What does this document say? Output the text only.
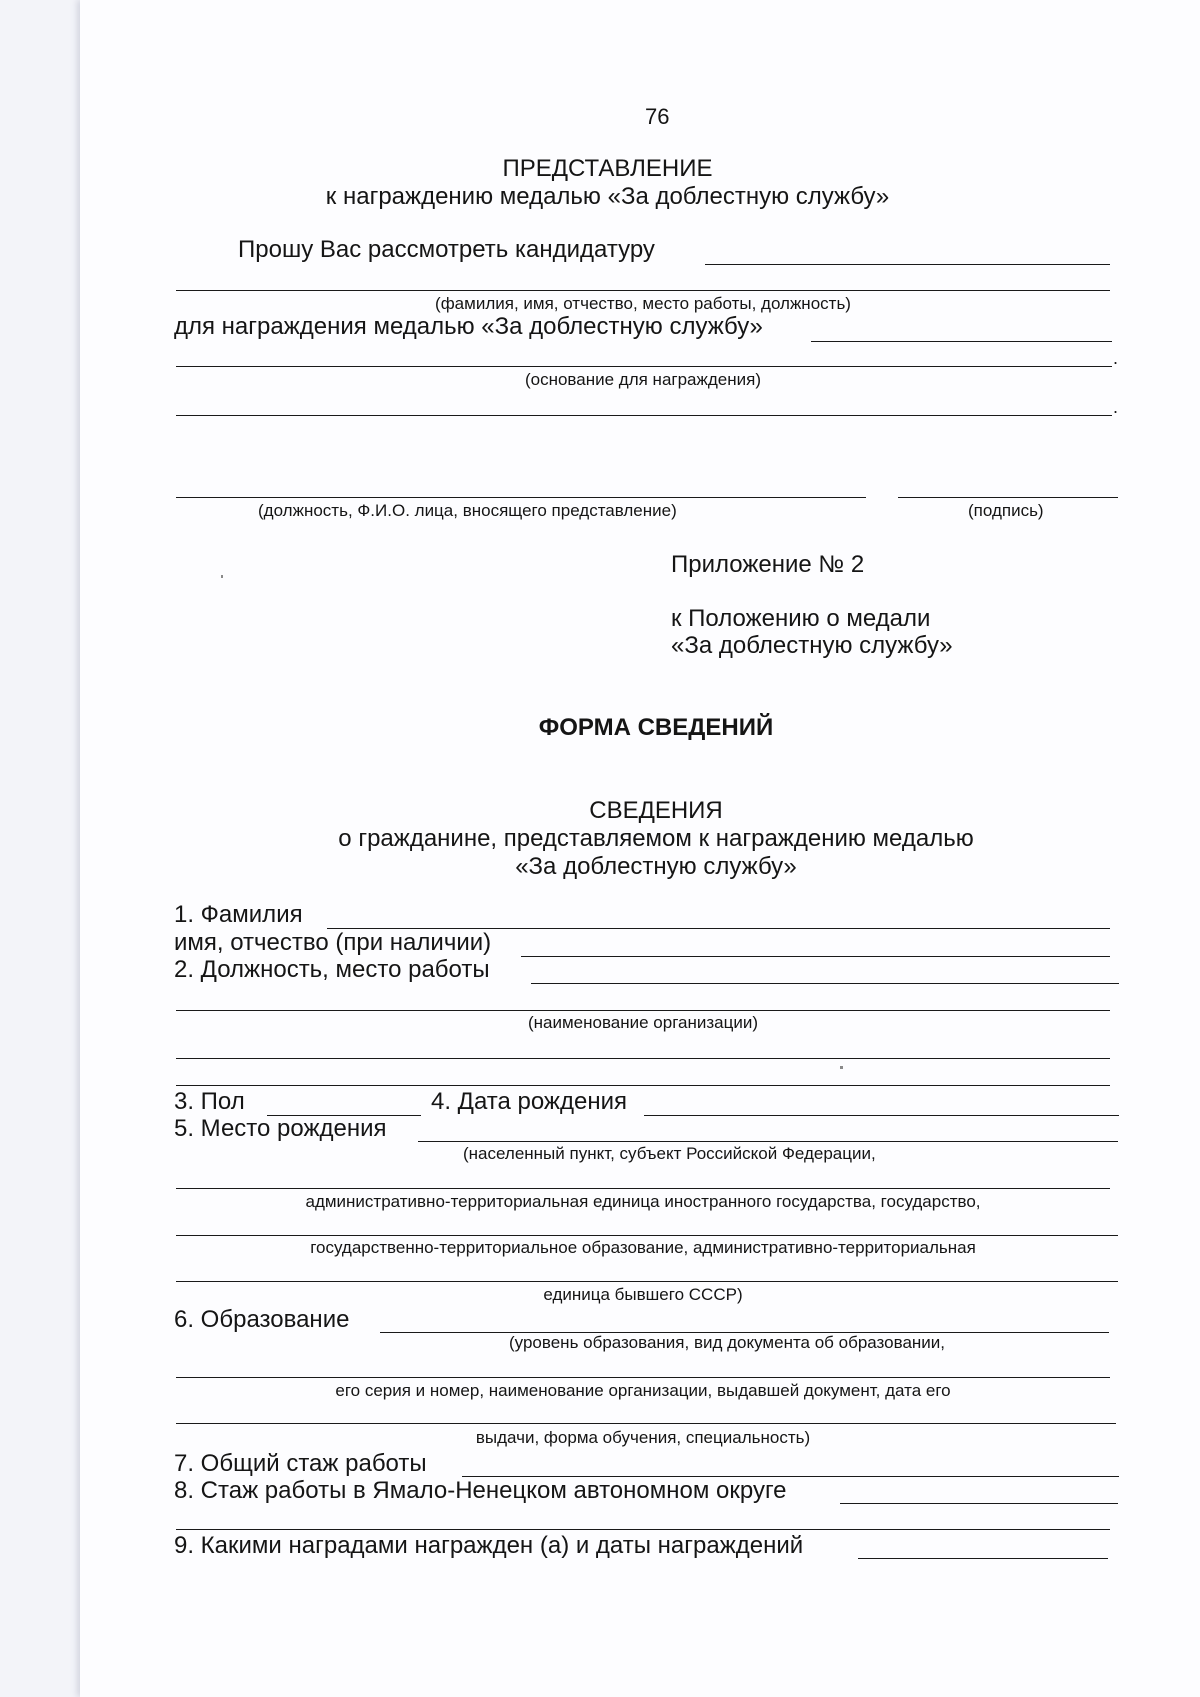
76
ПРЕДСТАВЛЕНИЕ
к награждению медалью «За доблестную службу»
Прошу Вас рассмотреть кандидатуру
(фамилия, имя, отчество, место работы, должность)
для награждения медалью «За доблестную службу»
.
(основание для награждения)
.
(должность, Ф.И.О. лица, вносящего представление)	(подпись)
Приложение № 2
к Положению о медали
«За доблестную службу»
ФОРМА СВЕДЕНИЙ
СВЕДЕНИЯ
о гражданине, представляемом к награждению медалью
«За доблестную службу»
1. Фамилия
имя, отчество (при наличии)
2. Должность, место работы
(наименование организации)
3. Пол	4. Дата рождения
5. Место рождения
(населенный пункт, субъект Российской Федерации,
административно-территориальная единица иностранного государства, государство,
государственно-территориальное образование, административно-территориальная
единица бывшего СССР)
6. Образование
(уровень образования, вид документа об образовании,
его серия и номер, наименование организации, выдавшей документ, дата его
выдачи, форма обучения, специальность)
7. Общий стаж работы
8. Стаж работы в Ямало-Ненецком автономном округе
9. Какими наградами награжден (а) и даты награждений
